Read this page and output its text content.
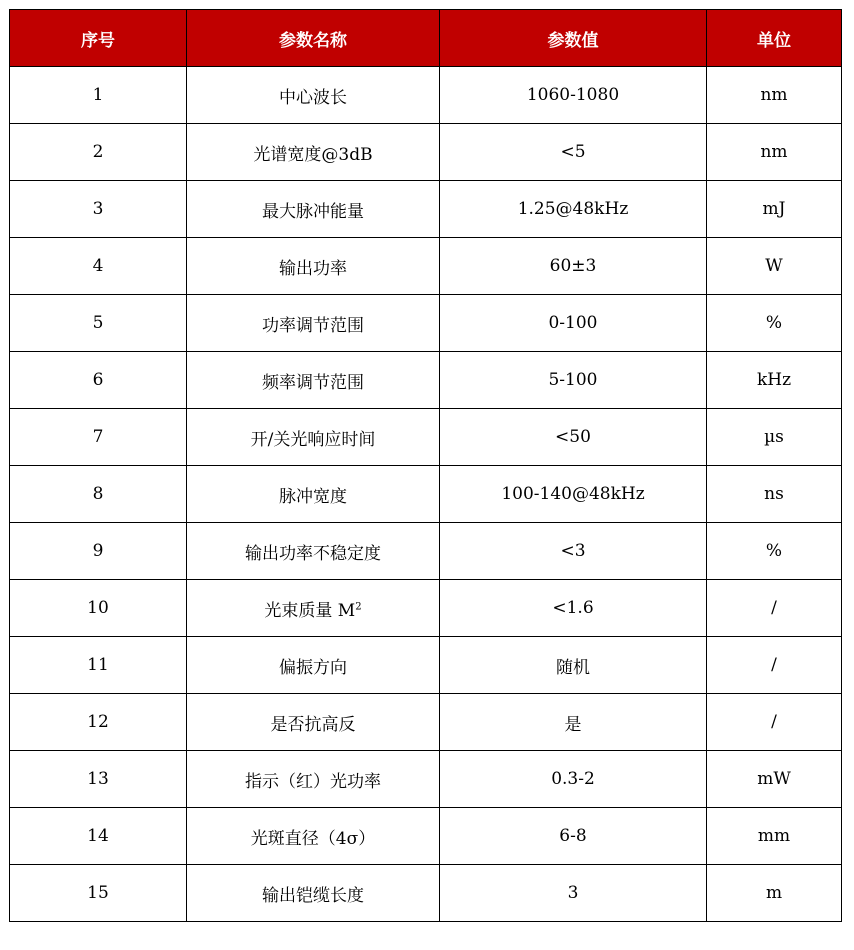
序号	参数名称	参数值	单位
1	中心波长	1060-1080	nm
2	光谱宽度@3dB	<5	nm
3	最大脉冲能量	1.25@48kHz	mJ
4	输出功率	60±3	W
5	功率调节范围	0-100	%
6	频率调节范围	5-100	kHz
7	开/关光响应时间	<50	µs
8	脉冲宽度	100-140@48kHz	ns
9	输出功率不稳定度	<3	%
10	光束质量 $M^2$	<1.6	/
11	偏振方向	随机	/
12	是否抗高反	是	/
13	指示（红）光功率	0.3-2	mW
14	光斑直径（4σ）	6-8	mm
15	输出铠缆长度	3	m
